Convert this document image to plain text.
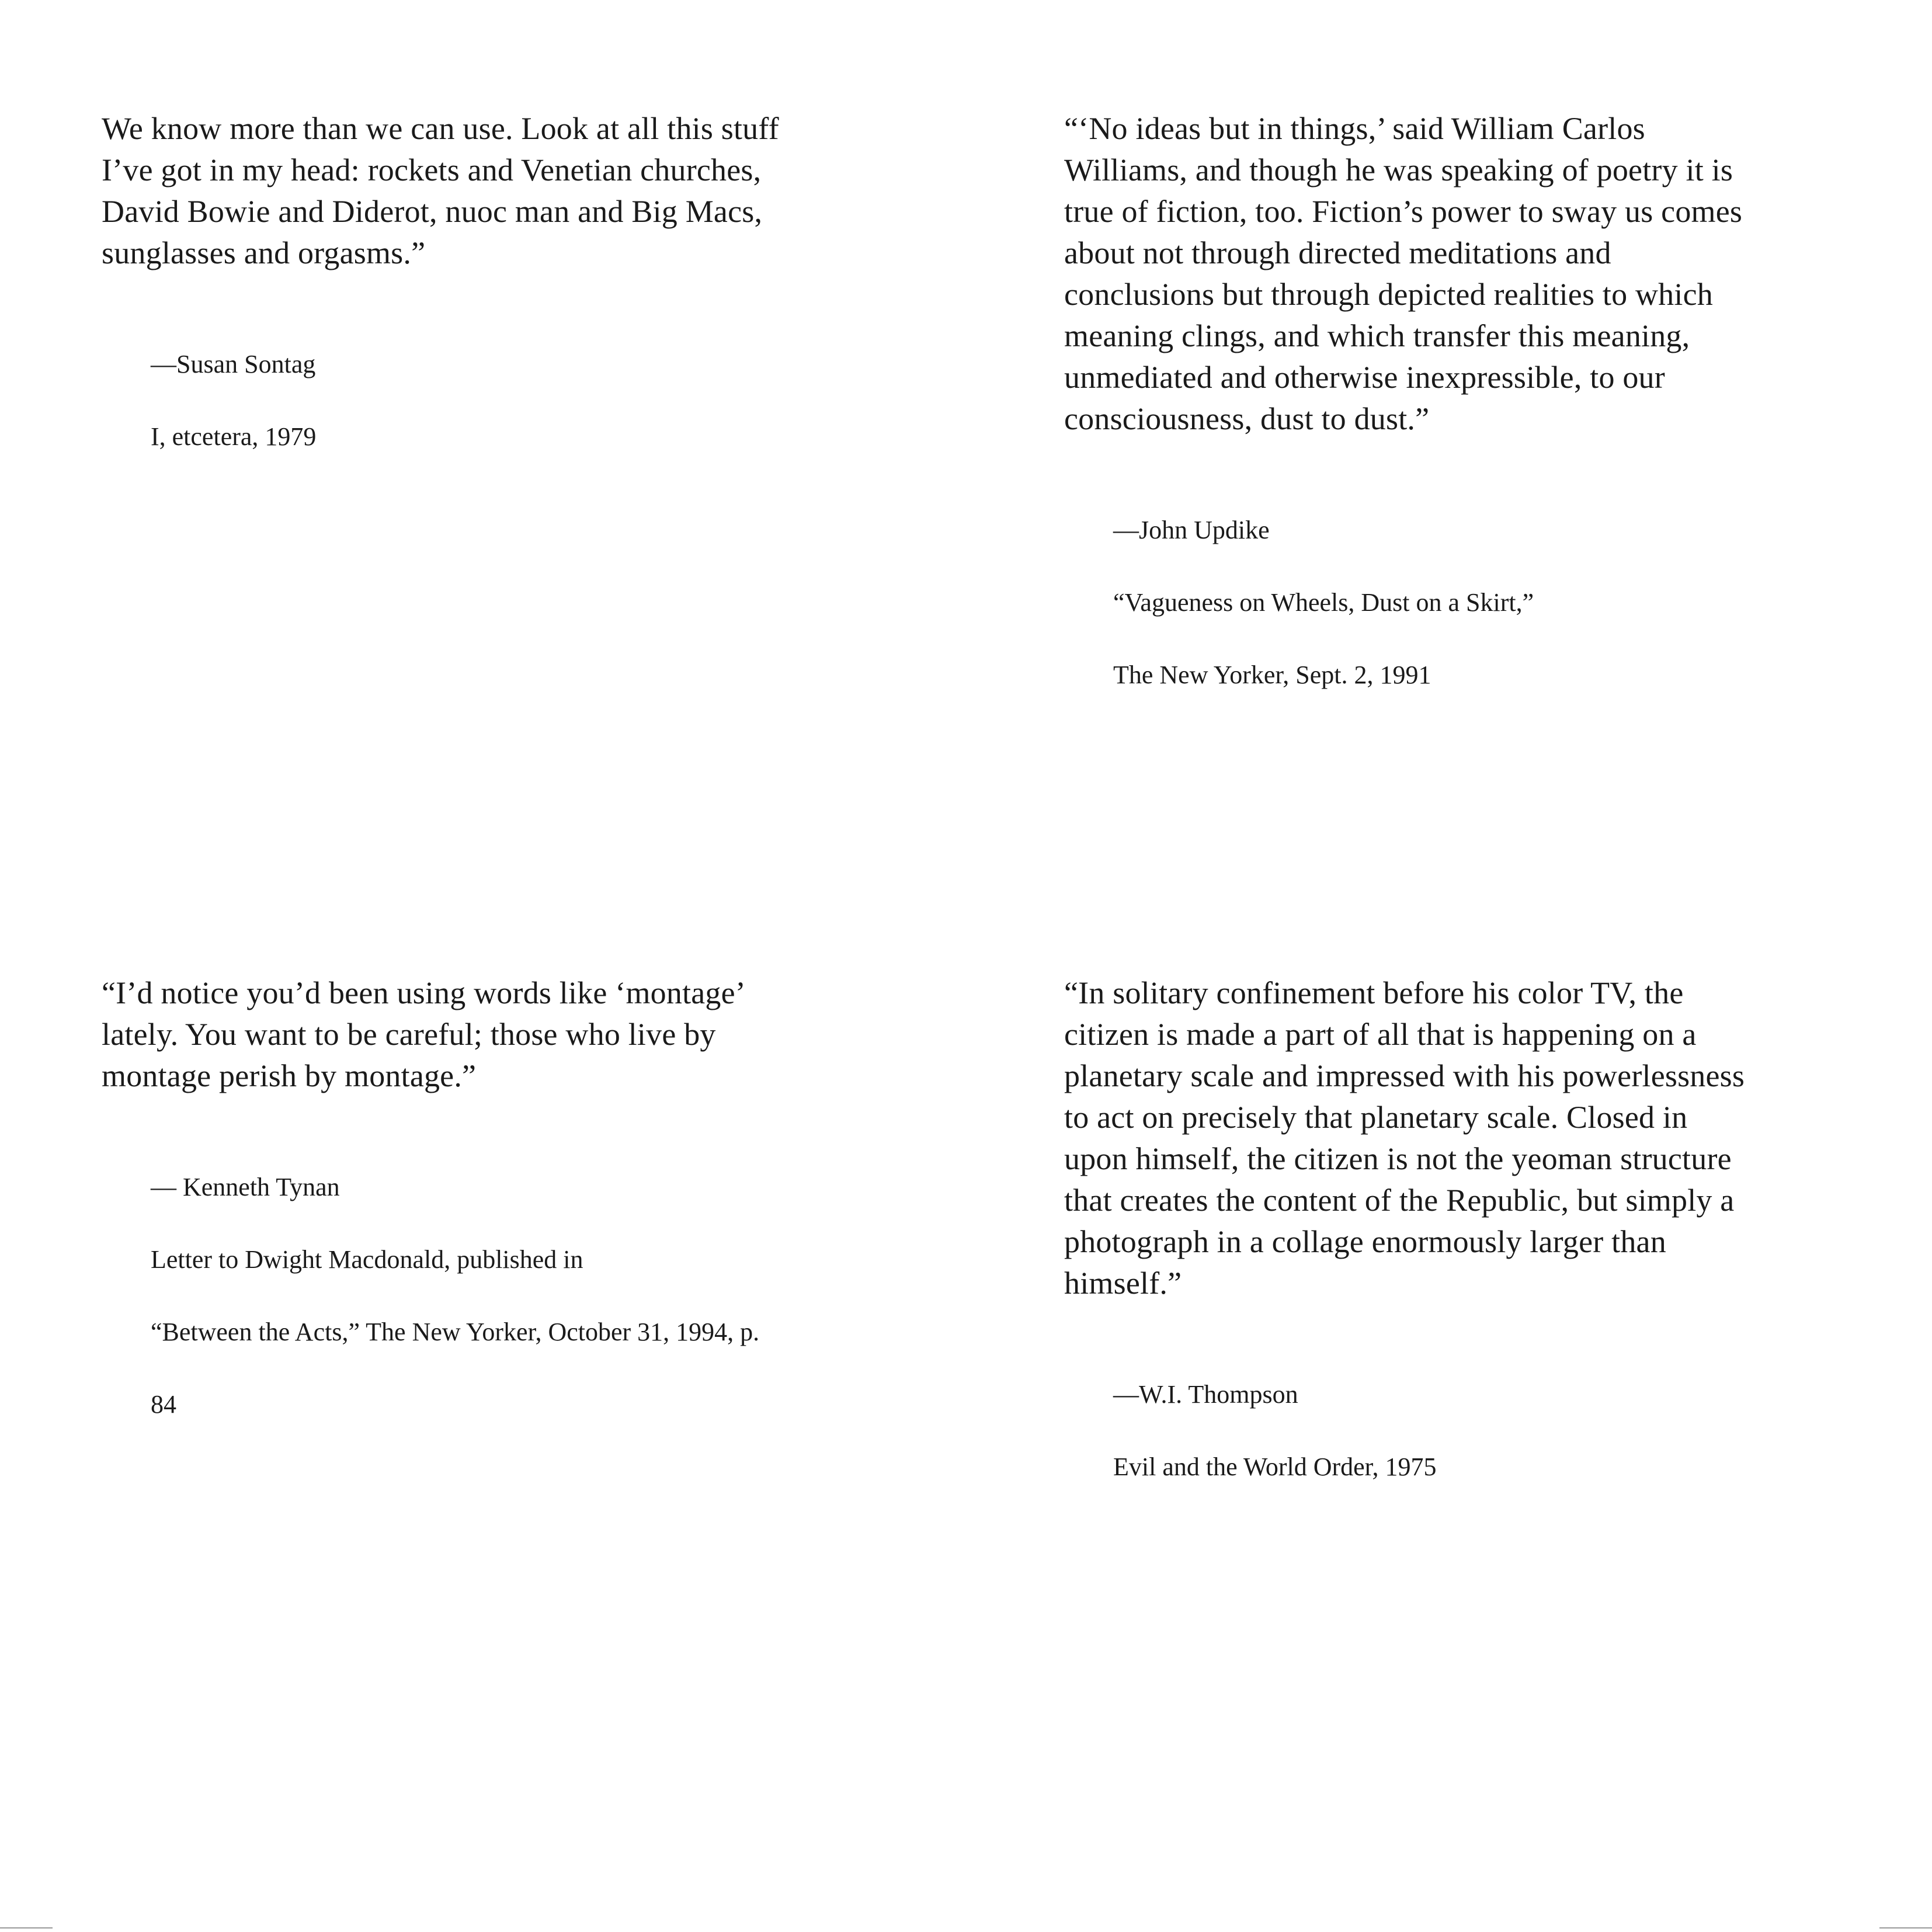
We know more than we can use. Look at all this stuff
I’ve got in my head: rockets and Venetian churches,
David Bowie and Diderot, nuoc man and Big Macs,
sunglasses and orgasms.”

—Susan Sontag

I, etcetera, 1979

“‘No ideas but in things,’ said William Carlos
Williams, and though he was speaking of poetry it is
true of fiction, too. Fiction’s power to sway us comes
about not through directed meditations and
conclusions but through depicted realities to which
meaning clings, and which transfer this meaning,
unmediated and otherwise inexpressible, to our
consciousness, dust to dust.”

—John Updike

“Vagueness on Wheels, Dust on a Skirt,”

The New Yorker, Sept. 2, 1991

“I’d notice you’d been using words like ‘montage’
lately. You want to be careful; those who live by
montage perish by montage.”

— Kenneth Tynan

Letter to Dwight Macdonald, published in

“Between the Acts,” The New Yorker, October 31, 1994, p.

84

“In solitary confinement before his color TV, the
citizen is made a part of all that is happening on a
planetary scale and impressed with his powerlessness
to act on precisely that planetary scale. Closed in
upon himself, the citizen is not the yeoman structure
that creates the content of the Republic, but simply a
photograph in a collage enormously larger than
himself.”

—W.I. Thompson

Evil and the World Order, 1975
